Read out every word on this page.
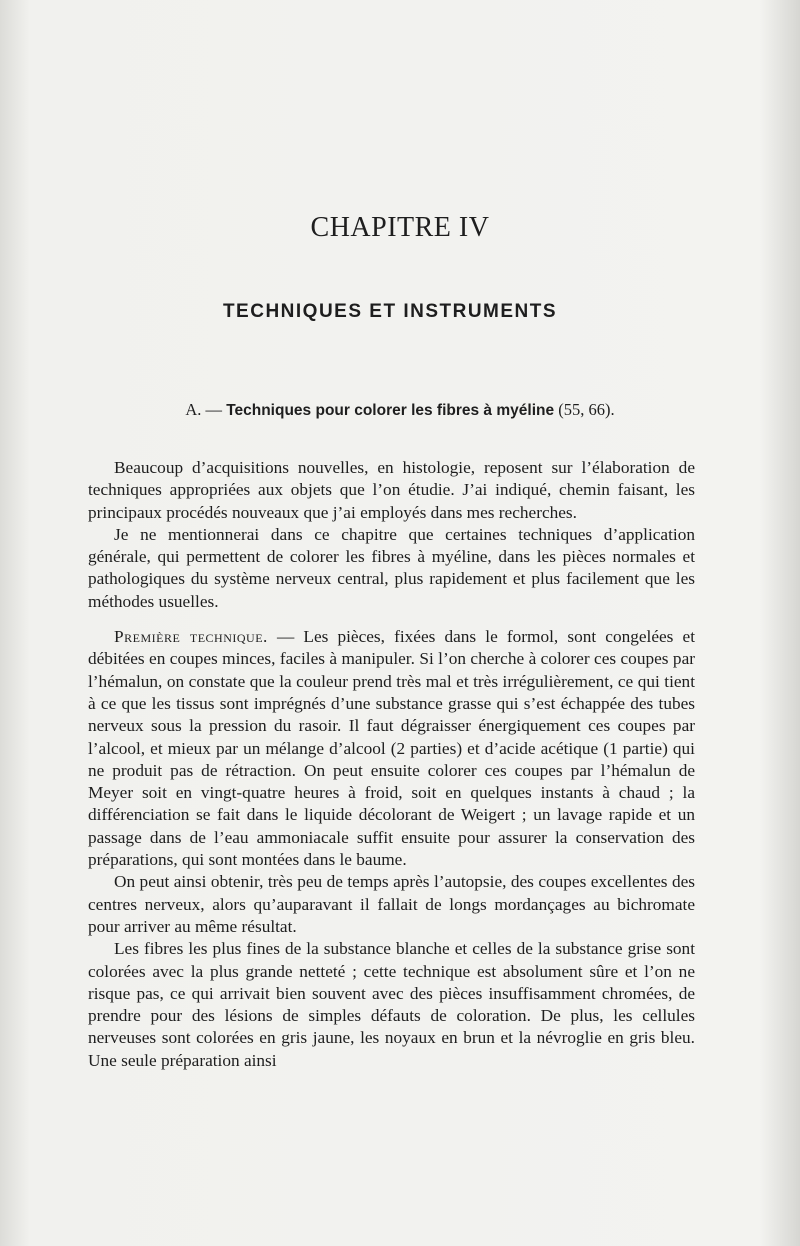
CHAPITRE IV
TECHNIQUES ET INSTRUMENTS
A. — Techniques pour colorer les fibres à myéline (55, 66).

Beaucoup d’acquisitions nouvelles, en histologie, reposent sur l’élaboration de techniques appropriées aux objets que l’on étudie. J’ai indiqué, chemin faisant, les principaux procédés nouveaux que j’ai employés dans mes recherches.

Je ne mentionnerai dans ce chapitre que certaines techniques d’application générale, qui permettent de colorer les fibres à myéline, dans les pièces normales et pathologiques du système nerveux central, plus rapidement et plus facilement que les méthodes usuelles.

Première technique. — Les pièces, fixées dans le formol, sont congelées et débitées en coupes minces, faciles à manipuler. Si l’on cherche à colorer ces coupes par l’hémalun, on constate que la couleur prend très mal et très irrégulièrement, ce qui tient à ce que les tissus sont imprégnés d’une substance grasse qui s’est échappée des tubes nerveux sous la pression du rasoir. Il faut dégraisser énergiquement ces coupes par l’alcool, et mieux par un mélange d’alcool (2 parties) et d’acide acétique (1 partie) qui ne produit pas de rétraction. On peut ensuite colorer ces coupes par l’hémalun de Meyer soit en vingt-quatre heures à froid, soit en quelques instants à chaud ; la différenciation se fait dans le liquide décolorant de Weigert ; un lavage rapide et un passage dans de l’eau ammoniacale suffit ensuite pour assurer la conservation des préparations, qui sont montées dans le baume.

On peut ainsi obtenir, très peu de temps après l’autopsie, des coupes excellentes des centres nerveux, alors qu’auparavant il fallait de longs mordançages au bichromate pour arriver au même résultat.

Les fibres les plus fines de la substance blanche et celles de la substance grise sont colorées avec la plus grande netteté ; cette technique est absolument sûre et l’on ne risque pas, ce qui arrivait bien souvent avec des pièces insuffisamment chromées, de prendre pour des lésions de simples défauts de coloration. De plus, les cellules nerveuses sont colorées en gris jaune, les noyaux en brun et la névroglie en gris bleu. Une seule préparation ainsi
